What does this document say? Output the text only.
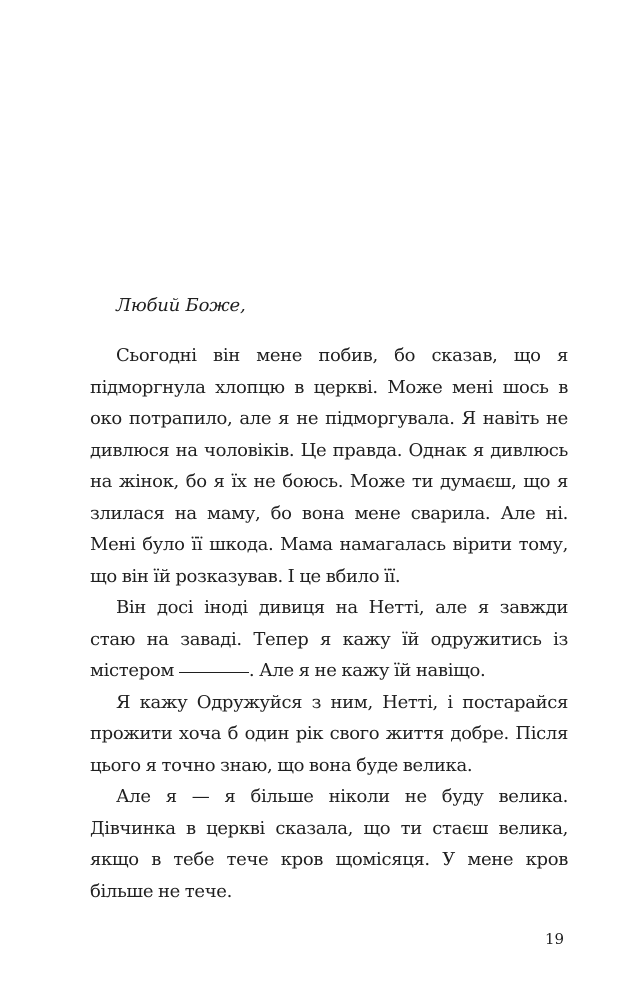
Любий Боже,

Сьогодні він мене побив, бо сказав, що я підморгнула хлопцю в церкві. Може мені шось в око потрапило, але я не підморгувала. Я навіть не дивлюся на чоловіків. Це правда. Однак я дивлюсь на жінок, бо я їх не боюсь. Може ти думаєш, що я злилася на маму, бо вона мене сварила. Але ні. Мені було її шкода. Мама намагалась вірити тому, що він їй розказував. І це вбило її.

Він досі іноді дивиця на Нетті, але я завжди стаю на заваді. Тепер я кажу їй одружитись із містером	. Але я не кажу їй навіщо.

Я кажу Одружуйся з ним, Нетті, і постарайся прожити хоча б один рік свого життя добре. Після цього я точно знаю, що вона буде велика.

Але я — я більше ніколи не буду велика. Дівчинка в церкві сказала, що ти стаєш велика, якщо в тебе тече кров щомісяця. У мене кров більше не тече.

19
